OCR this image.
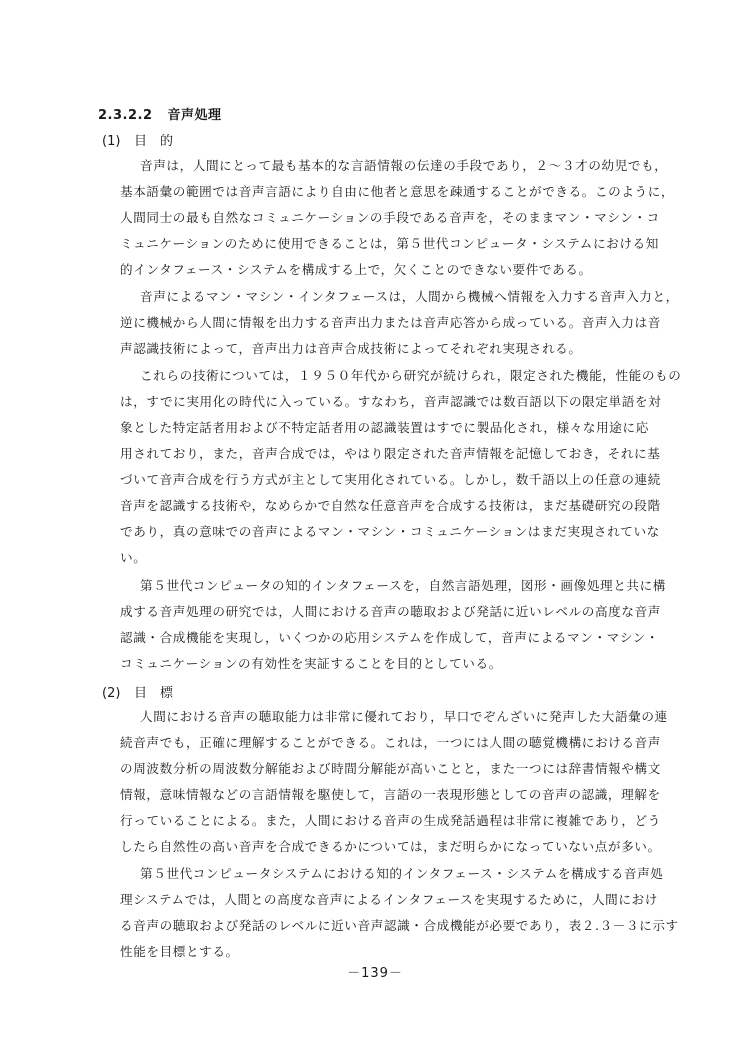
2.3.2.2 音声処理
(1) 目　的
音声は，人間にとって最も基本的な言語情報の伝達の手段であり，２～３才の幼児でも，
基本語彙の範囲では音声言語により自由に他者と意思を疎通することができる。このように，
人間同士の最も自然なコミュニケーションの手段である音声を，そのままマン・マシン・コ
ミュニケーションのために使用できることは，第５世代コンピュータ・システムにおける知
的インタフェース・システムを構成する上で，欠くことのできない要件である。
音声によるマン・マシン・インタフェースは，人間から機械へ情報を入力する音声入力と，
逆に機械から人間に情報を出力する音声出力または音声応答から成っている。音声入力は音
声認識技術によって，音声出力は音声合成技術によってそれぞれ実現される。
これらの技術については，１９５０年代から研究が続けられ，限定された機能，性能のもの
は，すでに実用化の時代に入っている。すなわち，音声認識では数百語以下の限定単語を対
象とした特定話者用および不特定話者用の認識装置はすでに製品化され，様々な用途に応
用されており，また，音声合成では，やはり限定された音声情報を記憶しておき，それに基
づいて音声合成を行う方式が主として実用化されている。しかし，数千語以上の任意の連続
音声を認識する技術や，なめらかで自然な任意音声を合成する技術は，まだ基礎研究の段階
であり，真の意味での音声によるマン・マシン・コミュニケーションはまだ実現されていな
い。
第５世代コンピュータの知的インタフェースを，自然言語処理，図形・画像処理と共に構
成する音声処理の研究では，人間における音声の聴取および発話に近いレベルの高度な音声
認識・合成機能を実現し，いくつかの応用システムを作成して，音声によるマン・マシン・
コミュニケーションの有効性を実証することを目的としている。
(2) 目　標
人間における音声の聴取能力は非常に優れており，早口でぞんざいに発声した大語彙の連
続音声でも，正確に理解することができる。これは，一つには人間の聴覚機構における音声
の周波数分析の周波数分解能および時間分解能が高いことと，また一つには辞書情報や構文
情報，意味情報などの言語情報を駆使して，言語の一表現形態としての音声の認識，理解を
行っていることによる。また，人間における音声の生成発話過程は非常に複雑であり，どう
したら自然性の高い音声を合成できるかについては，まだ明らかになっていない点が多い。
第５世代コンピュータシステムにおける知的インタフェース・システムを構成する音声処
理システムでは，人間との高度な音声によるインタフェースを実現するために，人間におけ
る音声の聴取および発話のレベルに近い音声認識・合成機能が必要であり，表２.３－３に示す
性能を目標とする。
－139－
